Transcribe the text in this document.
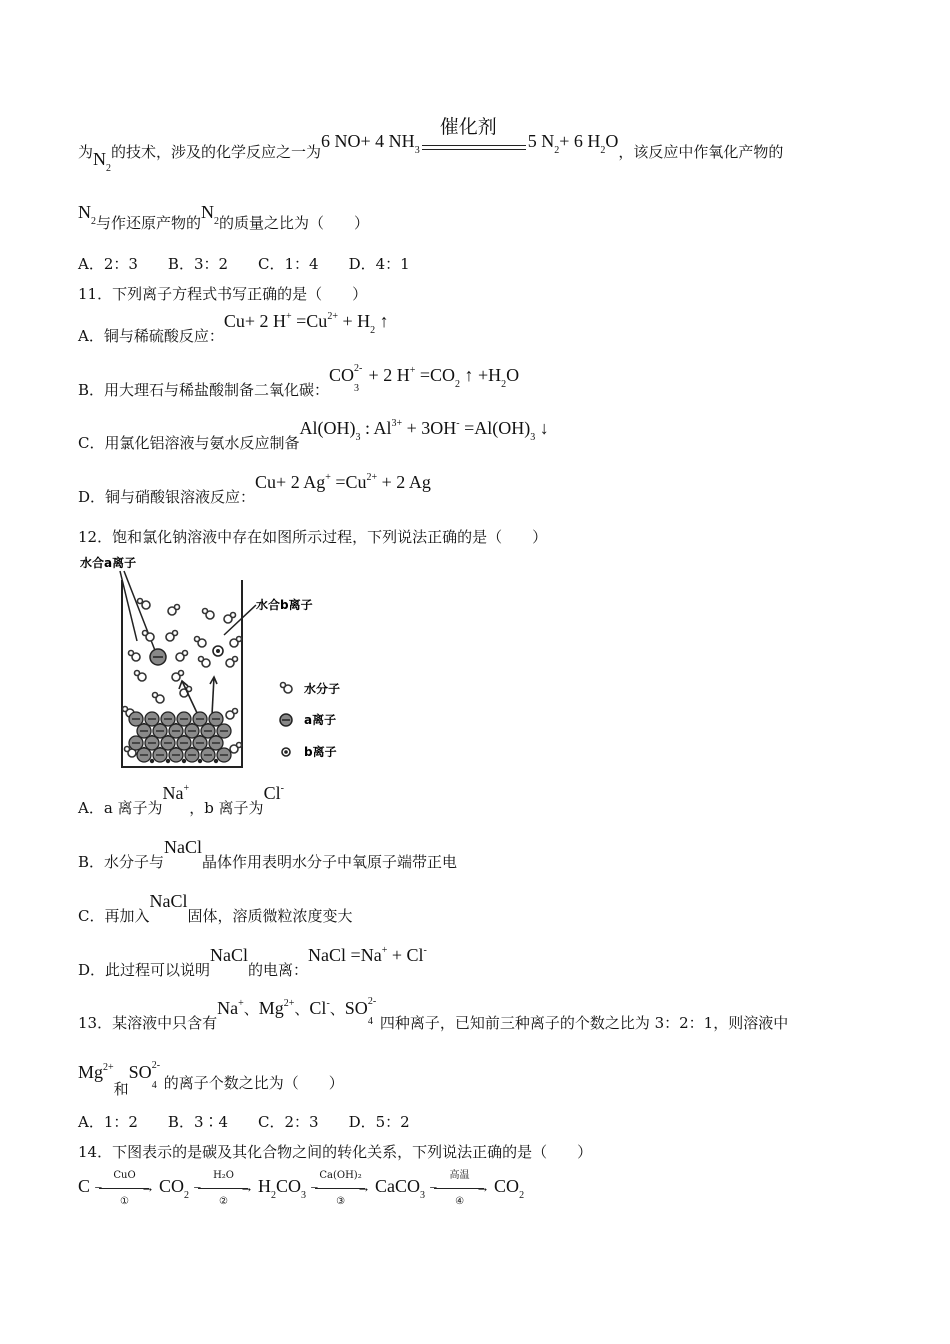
为$N_2$的技术，涉及的化学反应之一为6 NO+ 4 $NH_3$
催化剂
5 $N_2+ 6$ $H_2O$，该反应中作氧化产物的
$N_2$与作还原产物的$N_2$的质量之比为（　　）
A．2：3　　B．3：2　　C．1：4　　D．4：1
11．下列离子方程式书写正确的是（　　）
A．铜与稀硫酸反应：Cu+ 2 $H^+ =Cu^{2+} + H_2$ ↑
B．用大理石与稀盐酸制备二氧化碳：CO 2-
3
+ 2 $H^+ =CO_2$ ↑ $+H_2O$
C．用氯化铝溶液与氨水反应制备$Al(OH)_3$ : $Al^{3+} + 3OH^- =Al(OH)_3$ ↓
D．铜与硝酸银溶液反应：Cu+ 2 $Ag^+ =Cu^{2+} + 2$ Ag
12．饱和氯化钠溶液中存在如图所示过程，下列说法正确的是（　　）
水合a离子
水合b离子
水分子
a离子
b离子
A．a 离子为Na+，b 离子为Cl-
B．水分子与NaCl晶体作用表明水分子中氧原子端带正电
C．再加入NaCl固体，溶质微粒浓度变大
D．此过程可以说明NaCl的电离：NaCl =Na+ + Cl-
13．某溶液中只含有Na+、$Mg^{2+}$、Cl-、SO 2-
4 四种离子，已知前三种离子的个数之比为 3：2：1，则溶液中
$Mg^{2+}$和SO 2-
4 的离子个数之比为（　　）
A．1：2　　B．3∶4　　C．2：3　　D．5：2
14．下图表示的是碳及其化合物之间的转化关系，下列说法正确的是（　　）
C −
CuO
→
①
$CO_2$ −
H₂O
→
②
$H_2CO_3$ −
Ca(OH)₂
→
③
CaCO$_3$ −
高温
→
④
$CO_2$
